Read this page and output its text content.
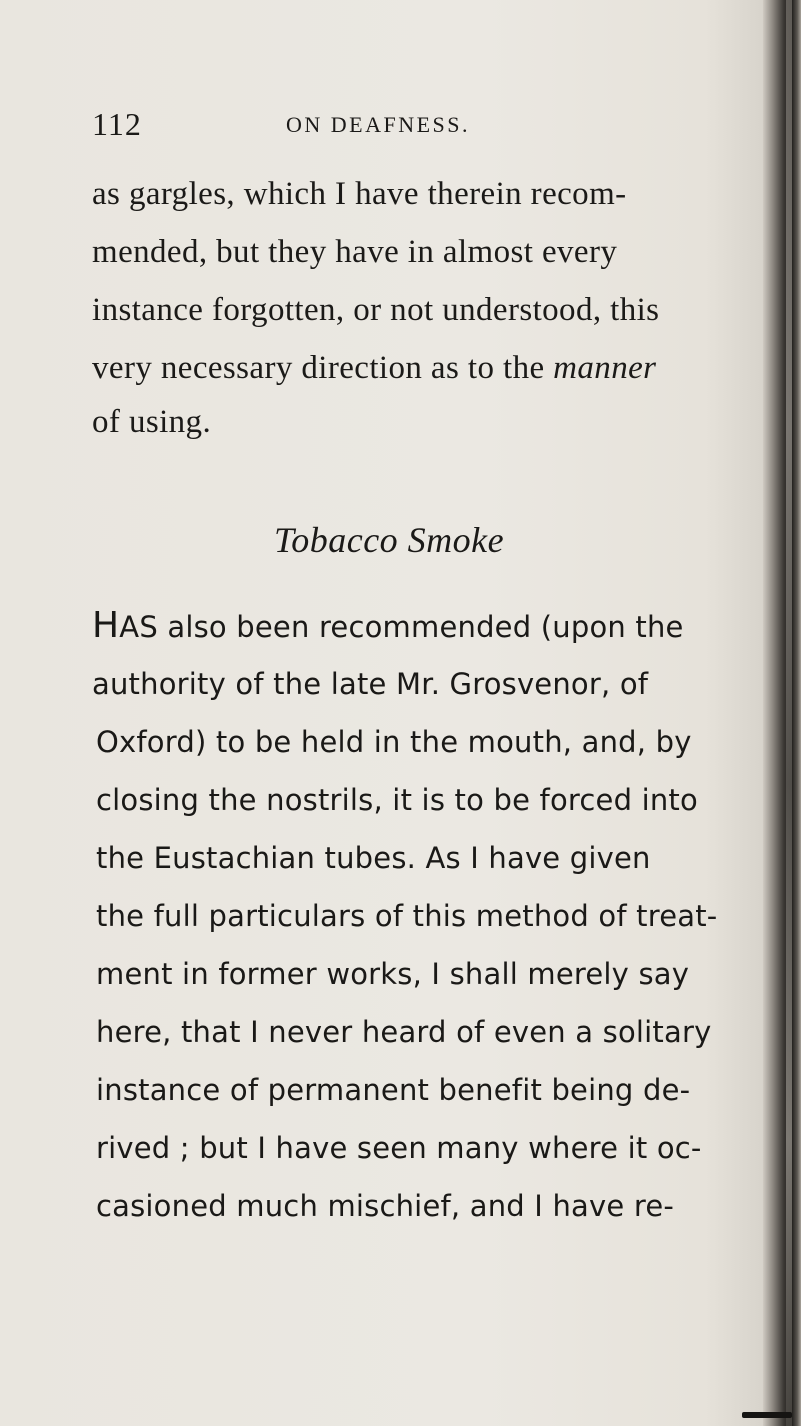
112	ON DEAFNESS.
as gargles, which I have therein recom-
mended, but they have in almost every
instance forgotten, or not understood, this
very necessary direction as to the manner
of using.
Tobacco Smoke
HAS also been recommended (upon the
authority of the late Mr. Grosvenor, of
Oxford) to be held in the mouth, and, by
closing the nostrils, it is to be forced into
the Eustachian tubes. As I have given
the full particulars of this method of treat-
ment in former works, I shall merely say
here, that I never heard of even a solitary
instance of permanent benefit being de-
rived ; but I have seen many where it oc-
casioned much mischief, and I have re-
